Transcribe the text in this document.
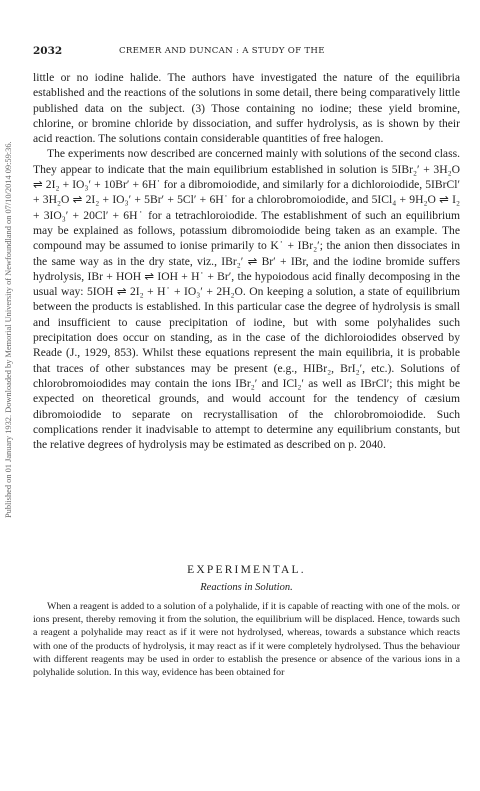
Published on 01 January 1932. Downloaded by Memorial University of Newfoundland on 07/10/2014 09:59:36.
2032	CREMER AND DUNCAN : A STUDY OF THE

little or no iodine halide. The authors have investigated the nature of the equilibria established and the reactions of the solutions in some detail, there being comparatively little published data on the subject. (3) Those containing no iodine; these yield bromine, chlorine, or bromine chloride by dissociation, and suffer hydrolysis, as is shown by their acid reaction. The solutions contain considerable quantities of free halogen.

The experiments now described are concerned mainly with solutions of the second class. They appear to indicate that the main equilibrium established in solution is 5IBr₂′ + 3H₂O ⇌ 2I₂ + IO₃′ + 10Br′ + 6H˙ for a dibromoiodide, and similarly for a dichloroiodide, 5IBrCl′ + 3H₂O ⇌ 2I₂ + IO₃′ + 5Br′ + 5Cl′ + 6H˙ for a chlorobromoiodide, and 5ICl₄ + 9H₂O ⇌ I₂ + 3IO₃′ + 20Cl′ + 6H˙ for a tetrachloroiodide. The establishment of such an equilibrium may be explained as follows, potassium dibromoiodide being taken as an example. The compound may be assumed to ionise primarily to K˙ + IBr₂′; the anion then dissociates in the same way as in the dry state, viz., IBr₂′ ⇌ Br′ + IBr, and the iodine bromide suffers hydrolysis, IBr + HOH ⇌ IOH + H˙ + Br′, the hypoiodous acid finally decomposing in the usual way: 5IOH ⇌ 2I₂ + H˙ + IO₃′ + 2H₂O. On keeping a solution, a state of equilibrium between the products is established. In this particular case the degree of hydrolysis is small and insufficient to cause precipitation of iodine, but with some polyhalides such precipitation does occur on standing, as in the case of the dichloroiodides observed by Reade (J., 1929, 853). Whilst these equations represent the main equilibria, it is probable that traces of other substances may be present (e.g., HIBr₂, BrI₂′, etc.). Solutions of chlorobromoiodides may contain the ions IBr₂′ and ICl₂′ as well as IBrCl′; this might be expected on theoretical grounds, and would account for the tendency of cæsium dibromoiodide to separate on recrystallisation of the chlorobromoiodide. Such complications render it inadvisable to attempt to determine any equilibrium constants, but the relative degrees of hydrolysis may be estimated as described on p. 2040.

EXPERIMENTAL.
Reactions in Solution.

When a reagent is added to a solution of a polyhalide, if it is capable of reacting with one of the mols. or ions present, thereby removing it from the solution, the equilibrium will be displaced. Hence, towards such a reagent a polyhalide may react as if it were not hydrolysed, whereas, towards a substance which reacts with one of the products of hydrolysis, it may react as if it were completely hydrolysed. Thus the behaviour with different reagents may be used in order to establish the presence or absence of the various ions in a polyhalide solution. In this way, evidence has been obtained for
